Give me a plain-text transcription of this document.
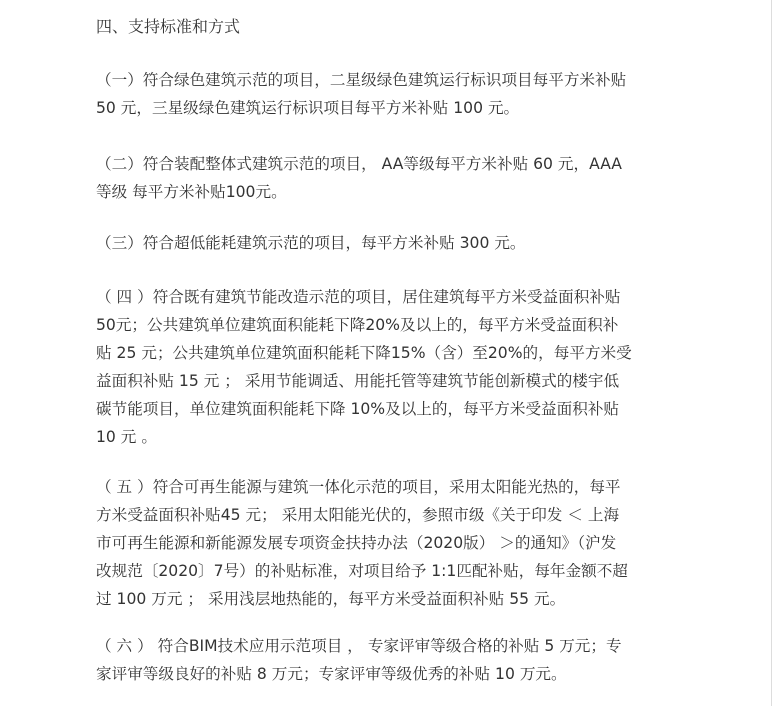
四、支持标准和方式

（一）符合绿色建筑示范的项目，二星级绿色建筑运行标识项目每平方米补贴
50 元，三星级绿色建筑运行标识项目每平方米补贴 100 元。

（二）符合装配整体式建筑示范的项目， AA等级每平方米补贴 60 元，AAA
等级 每平方米补贴100元。

（三）符合超低能耗建筑示范的项目，每平方米补贴 300 元。

（ 四 ）符合既有建筑节能改造示范的项目，居住建筑每平方米受益面积补贴
50元；公共建筑单位建筑面积能耗下降20%及以上的，每平方米受益面积补
贴 25 元；公共建筑单位建筑面积能耗下降15%（含）至20%的，每平方米受
益面积补贴 15 元 ； 采用节能调适、用能托管等建筑节能创新模式的楼宇低
碳节能项目，单位建筑面积能耗下降 10%及以上的，每平方米受益面积补贴
10 元 。

（ 五 ）符合可再生能源与建筑一体化示范的项目，采用太阳能光热的，每平
方米受益面积补贴45 元； 采用太阳能光伏的，参照市级《关于印发 ＜ 上海
市可再生能源和新能源发展专项资金扶持办法（2020版） ＞的通知》（沪发
改规范〔2020〕7号）的补贴标准，对项目给予 1:1匹配补贴，每年金额不超
过 100 万元 ； 采用浅层地热能的，每平方米受益面积补贴 55 元。

（ 六 ） 符合BIM技术应用示范项目 ， 专家评审等级合格的补贴 5 万元；专
家评审等级良好的补贴 8 万元；专家评审等级优秀的补贴 10 万元。
